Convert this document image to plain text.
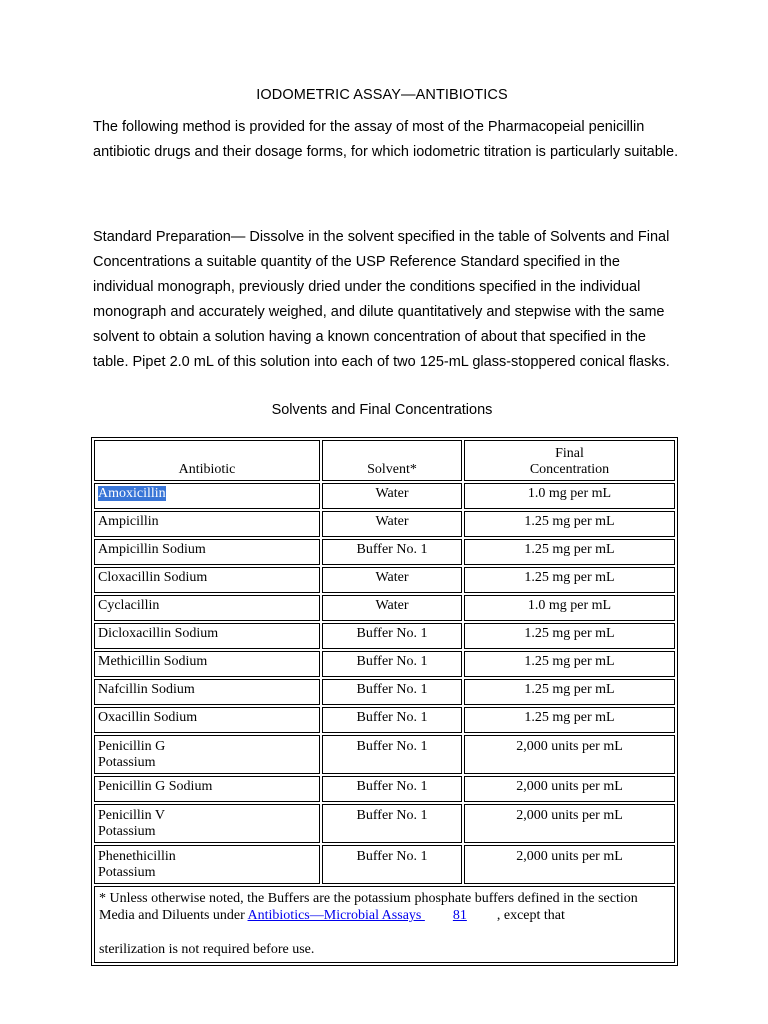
IODOMETRIC ASSAY—ANTIBIOTICS

The following method is provided for the assay of most of the Pharmacopeial penicillin antibiotic drugs and their dosage forms, for which iodometric titration is particularly suitable.

Standard Preparation— Dissolve in the solvent specified in the table of Solvents and Final Concentrations a suitable quantity of the USP Reference Standard specified in the individual monograph, previously dried under the conditions specified in the individual monograph and accurately weighed, and dilute quantitatively and stepwise with the same solvent to obtain a solution having a known concentration of about that specified in the table. Pipet 2.0 mL of this solution into each of two 125-mL glass-stoppered conical flasks.

Solvents and Final Concentrations
Antibiotic	Solvent*	Final
Concentration
Amoxicillin	Water	1.0 mg per mL
Ampicillin	Water	1.25 mg per mL
Ampicillin Sodium	Buffer No. 1	1.25 mg per mL
Cloxacillin Sodium	Water	1.25 mg per mL
Cyclacillin	Water	1.0 mg per mL
Dicloxacillin Sodium	Buffer No. 1	1.25 mg per mL
Methicillin Sodium	Buffer No. 1	1.25 mg per mL
Nafcillin Sodium	Buffer No. 1	1.25 mg per mL
Oxacillin Sodium	Buffer No. 1	1.25 mg per mL
Penicillin G
Potassium	Buffer No. 1	2,000 units per mL
Penicillin G Sodium	Buffer No. 1	2,000 units per mL
Penicillin V
Potassium	Buffer No. 1	2,000 units per mL
Phenethicillin
Potassium	Buffer No. 1	2,000 units per mL
* Unless otherwise noted, the Buffers are the potassium phosphate buffers defined in the section Media and Diluents under Antibiotics—Microbial Assays 81 , except that

sterilization is not required before use.		
